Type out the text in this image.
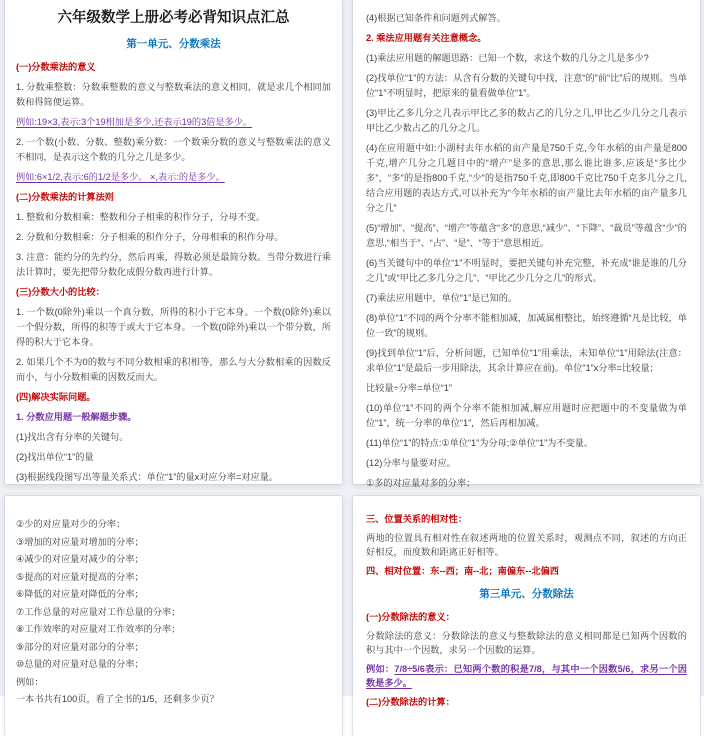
六年级数学上册必考必背知识点汇总

第一单元、分数乘法

(一)分数乘法的意义

1. 分数乘整数：分数乘整数的意义与整数乘法的意义相同，就是求几个相同加数和得简便运算。

例如:19×3,表示:3个19相加是多少,还表示19的3倍是多少。

2. 一个数(小数、分数、整数)乘分数：一个数乘分数的意义与整数乘法的意义不相同，是表示这个数的几分之几是多少。

例如:6×1/2,表示:6的1/2是多少。 ×,表示:的是多少。

(二)分数乘法的计算法则

1. 整数和分数相乘：整数和分子相乘的积作分子，分母不变。

2. 分数和分数相乘：分子相乘的积作分子，分母相乘的积作分母。

3. 注意：能约分的先约分，然后再乘，得数必须是最简分数。当带分数进行乘法计算时，要先把带分数化成假分数再进行计算。

(三)分数大小的比较：

1. 一个数(0除外)乘以一个真分数，所得的积小于它本身。一个数(0除外)乘以一个假分数，所得的积等于或大于它本身。一个数(0除外)乘以一个带分数，所得的积大于它本身。

2. 如果几个不为0的数与不同分数相乘的积相等，那么与大分数相乘的因数反而小，与小分数相乘的因数反而大。

(四)解决实际问题。

1. 分数应用题一般解题步骤。

(1)找出含有分率的关键句。

(2)找出单位“1”的量

(3)根据线段图写出等量关系式：单位“1”的量x对应分率=对应量。

(4)根据已知条件和问题列式解答。

2. 乘法应用题有关注意概念。

(1)乘法应用题的解题思路：已知一个数，求这个数的几分之几是多少?

(2)找单位“1”的方法：从含有分数的关键句中找，注意“的”前“比”后的规则。当单位“1”不明显时，把原来的量看做单位“1”。

(3)甲比乙多几分之几表示甲比乙多的数占乙的几分之几,甲比乙少几分之几表示甲比乙少数占乙的几分之几。

(4)在应用题中如:小湖村去年水稻的亩产量是750千克,今年水稻的亩产量是800千克,增产几分之几题目中的“增产”是多的意思,那么谁比谁多,应该是“多比少多”，“多”的是指800千克,“少”的是指750千克,即800千克比750千克多几分之几,结合应用题的表达方式,可以补充为“今年水稻的亩产量比去年水稻的亩产量多几分之几”

(5)“增加”、“提高”、“增产”等蕴含“多”的意思,“减少”、“下降”、“裁员”等蕴含“少”的意思,“相当于”、“占”、“是”、“等于”意思相近。

(6)当关键句中的单位“1”不明显时，要把关键句补充完整，补充成“谁是谁的几分之几”或“甲比乙多几分之几”、“甲比乙少几分之几”的形式。

(7)乘法应用题中，单位“1”是已知的。

(8)单位“1”不同的两个分率不能相加减，加减属相整比，始终遵循“凡是比较，单位一致”的规则。

(9)找到单位“1”后，分析问题，已知单位“1”用乘法，未知单位“1”用除法(注意：求单位“1”是最后一步用除法，其余计算应在前)。单位“1”x分率=比较量；

比较量÷分率=单位“1”

(10)单位“1”不同的两个分率不能相加减,解应用题时应把题中的不变量做为单位“1”，统一分率的单位“1”，然后再相加减。

(11)单位“1”的特点:①单位“1”为分母;②单位“1”为不变量。

(12)分率与量要对应。

①多的对应量对多的分率；

②少的对应量对少的分率；

③增加的对应量对增加的分率；

④减少的对应量对减少的分率；

⑤提高的对应量对提高的分率；

⑥降低的对应量对降低的分率；

⑦工作总量的对应量对工作总量的分率；

⑧工作效率的对应量对工作效率的分率；

⑨部分的对应量对部分的分率；

⑩总量的对应量对总量的分率；

例如：

一本书共有100页，看了全书的1/5，还剩多少页？

三、位置关系的相对性：

两地的位置具有相对性在叙述两地的位置关系时，观测点不同，叙述的方向正好相反，而度数和距离正好相等。

四、相对位置：东--西；南--北；南偏东--北偏西

第三单元、分数除法

(一)分数除法的意义：

分数除法的意义：分数除法的意义与整数除法的意义相同都是已知两个因数的积与其中一个因数，求另一个因数的运算。

例如：7/8÷5/6表示：已知两个数的积是7/8，与其中一个因数5/6，求另一个因数是多少。

(二)分数除法的计算：
